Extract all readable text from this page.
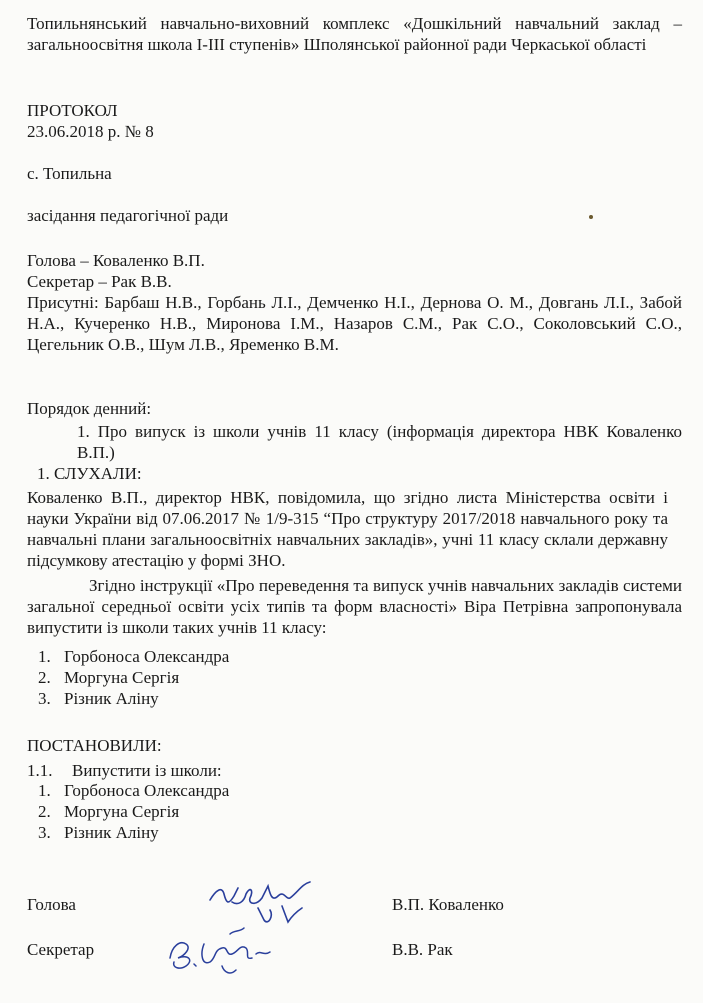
Топильнянський навчально-виховний комплекс «Дошкільний навчальний заклад – загальноосвітня школа І-ІІІ ступенів» Шполянської районної ради Черкаської області
ПРОТОКОЛ
23.06.2018 р. № 8
с. Топильна
засідання педагогічної ради
Голова – Коваленко В.П.
Секретар – Рак В.В.
Присутні: Барбаш Н.В., Горбань Л.І., Демченко Н.І., Дернова О. М., Довгань Л.І., Забой Н.А., Кучеренко Н.В., Миронова І.М., Назаров С.М., Рак С.О., Соколовський С.О., Цегельник О.В., Шум Л.В., Яременко В.М.
Порядок денний:
1. Про випуск із школи учнів 11 класу (інформація директора НВК Коваленко В.П.)
1. СЛУХАЛИ:
Коваленко В.П., директор НВК, повідомила, що згідно листа Міністерства освіти і науки України від 07.06.2017 № 1/9-315 “Про структуру 2017/2018 навчального року та навчальні плани загальноосвітніх навчальних закладів», учні 11 класу склали державну підсумкову атестацію у формі ЗНО.
Згідно інструкції «Про переведення та випуск учнів навчальних закладів системи загальної середньої освіти усіх типів та форм власності» Віра Петрівна запропонувала випустити із школи таких учнів 11 класу:
1. Горбоноса Олександра
2. Моргуна Сергія
3. Різник Аліну
ПОСТАНОВИЛИ:
1.1. Випустити із школи:
1. Горбоноса Олександра
2. Моргуна Сергія
3. Різник Аліну
Голова	В.П. Коваленко
Секретар	В.В. Рак
